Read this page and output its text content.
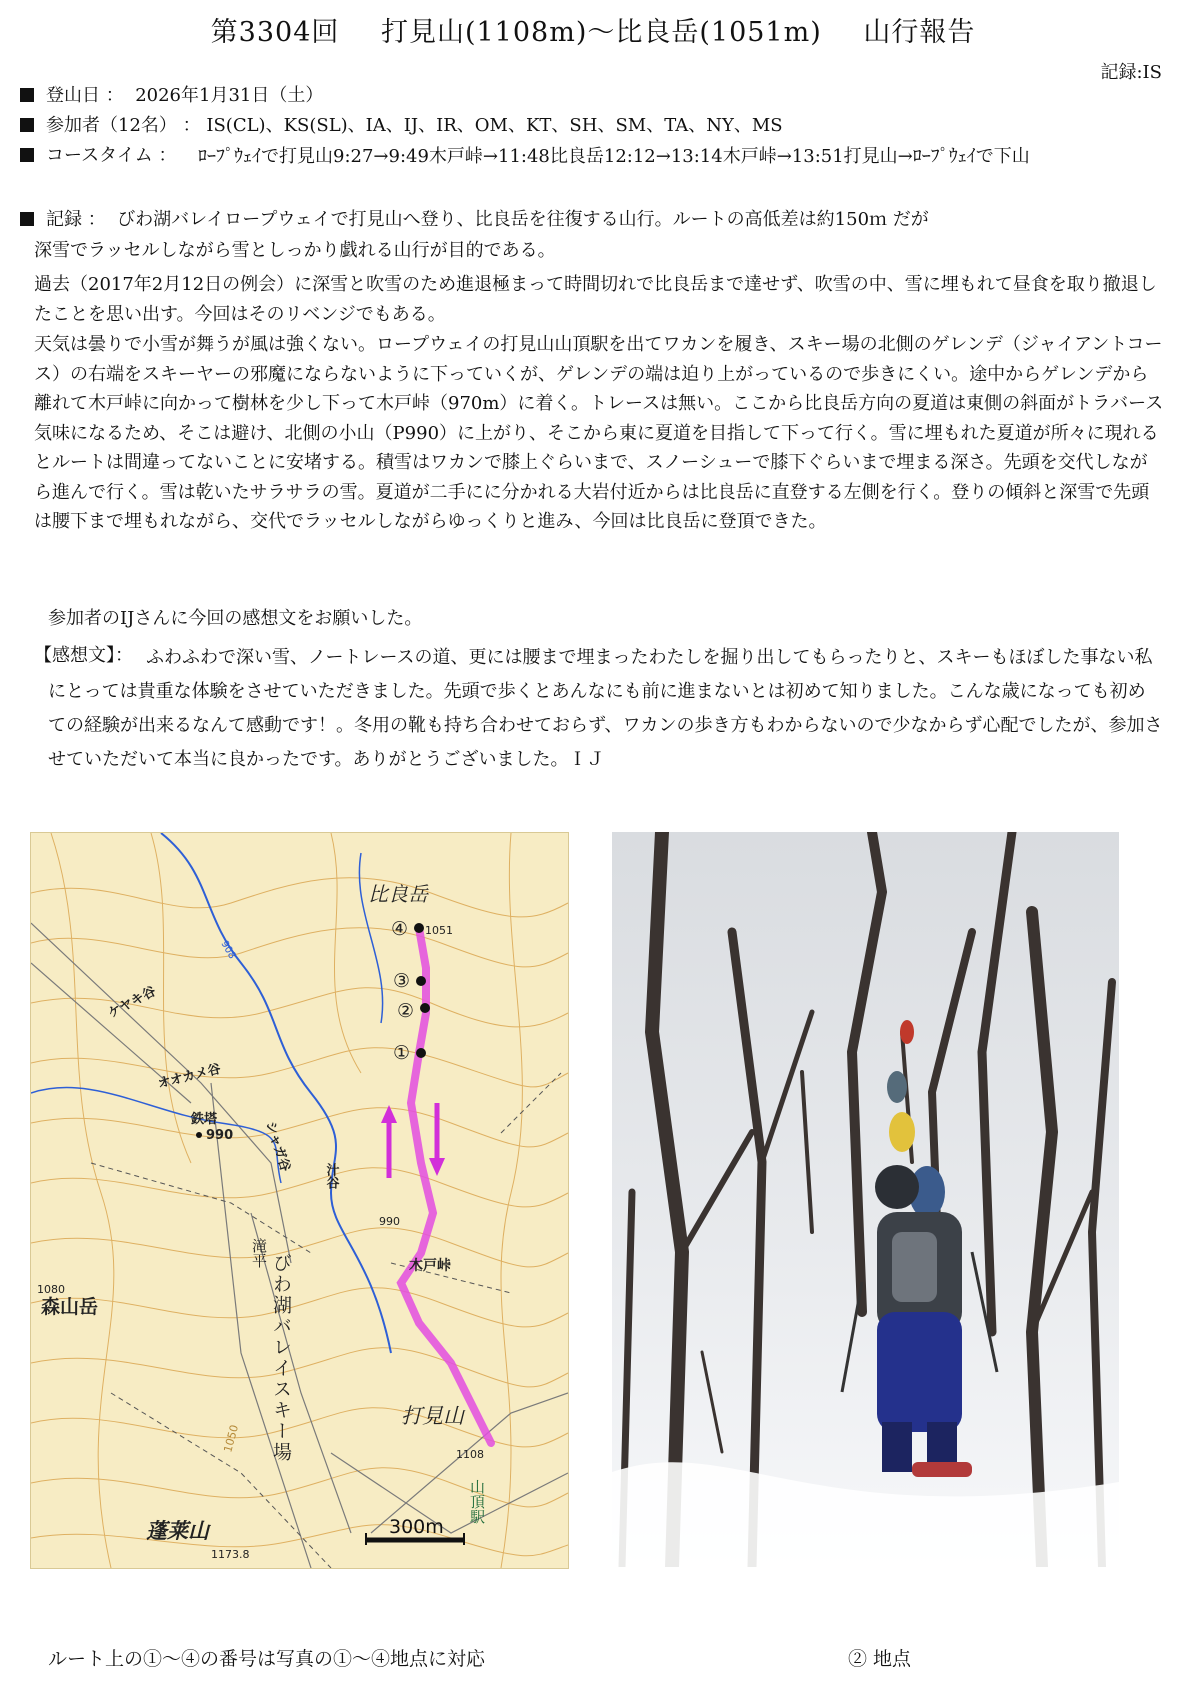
第3304回 打見山(1108m)～比良岳(1051m) 山行報告
記録:IS
登山日 ： 2026年1月31日（土）
参加者（12名） ： IS(CL)、KS(SL)、IA、IJ、IR、OM、KT、SH、SM、TA、NY、MS
コースタイム ： ﾛｰﾌﾟｳｪｲで打見山9:27→9:49木戸峠→11:48比良岳12:12→13:14木戸峠→13:51打見山→ﾛｰﾌﾟｳｪｲで下山
記録 ： びわ湖バレイロープウェイで打見山へ登り、比良岳を往復する山行。ルートの高低差は約150ｍ だが
深雪でラッセルしながら雪としっかり戯れる山行が目的である。
過去（2017年2月12日の例会）に深雪と吹雪のため進退極まって時間切れで比良岳まで達せず、吹雪の中、雪に埋もれて昼食を取り撤退したことを思い出す。今回はそのリベンジでもある。
天気は曇りで小雪が舞うが風は強くない。ロープウェイの打見山山頂駅を出てワカンを履き、スキー場の北側のゲレンデ（ジャイアントコース）の右端をスキーヤーの邪魔にならないように下っていくが、ゲレンデの端は迫り上がっているので歩きにくい。途中からゲレンデから離れて木戸峠に向かって樹林を少し下って木戸峠（970m）に着く。トレースは無い。ここから比良岳方向の夏道は東側の斜面がトラバース気味になるため、そこは避け、北側の小山（P990）に上がり、そこから東に夏道を目指して下って行く。雪に埋もれた夏道が所々に現れるとルートは間違ってないことに安堵する。積雪はワカンで膝上ぐらいまで、スノーシューで膝下ぐらいまで埋まる深さ。先頭を交代しながら進んで行く。雪は乾いたサラサラの雪。夏道が二手にに分かれる大岩付近からは比良岳に直登する左側を行く。登りの傾斜と深雪で先頭は腰下まで埋もれながら、交代でラッセルしながらゆっくりと進み、今回は比良岳に登頂できた。
参加者のIJさんに今回の感想文をお願いした。
【感想文】： ふわふわで深い雪、ノートレースの道、更には腰まで埋まったわたしを掘り出してもらったりと、スキーもほぼした事ない私にとっては貴重な体験をさせていただきました。先頭で歩くとあんなにも前に進まないとは初めて知りました。こんな歳になっても初めての経験が出来るなんて感動です！。冬用の靴も持ち合わせておらず、ワカンの歩き方もわからないので少なからず心配でしたが、参加させていただいて本当に良かったです。ありがとうございました。ＩＪ
比良岳
1051
④
③
②
①
ケヤキ谷
オオカメ谷
鉄塔
990 シャガ谷
汁谷
990
木戸峠
滝平 びわ湖バレイスキー場
1080
森山岳
打見山
1108
山頂駅
1050
蓬莱山
1173.8
908
300m
ルート上の①～④の番号は写真の①～④地点に対応	② 地点
